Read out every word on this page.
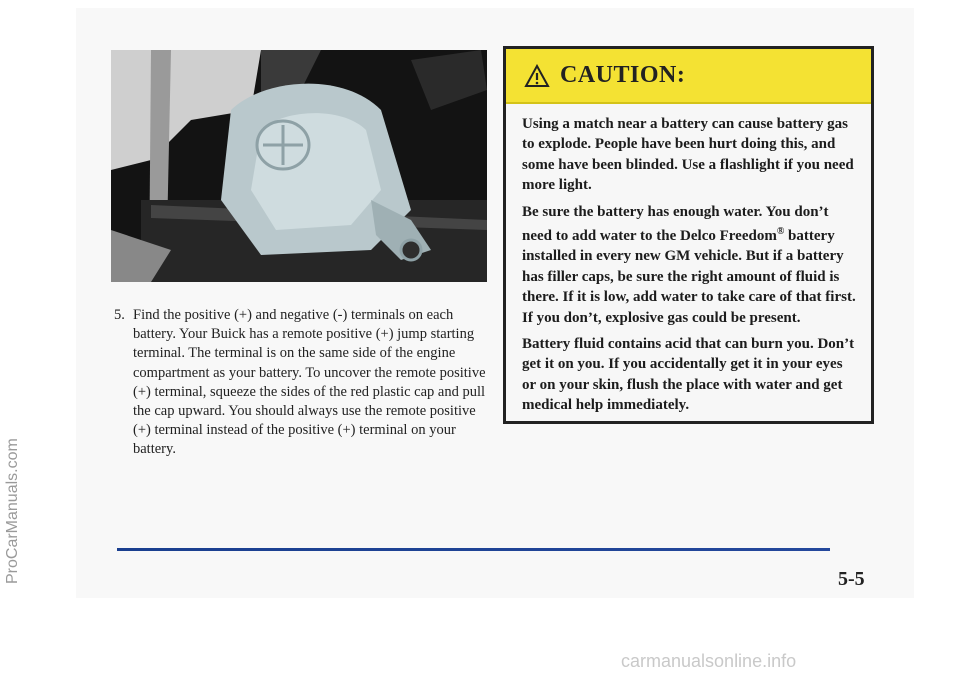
5. Find the positive (+) and negative (-) terminals on each battery. Your Buick has a remote positive (+) jump starting terminal. The terminal is on the same side of the engine compartment as your battery. To uncover the remote positive (+) terminal, squeeze the sides of the red plastic cap and pull the cap upward. You should always use the remote positive (+) terminal instead of the positive (+) terminal on your battery.
CAUTION:

Using a match near a battery can cause battery gas to explode. People have been hurt doing this, and some have been blinded. Use a flashlight if you need more light.

Be sure the battery has enough water. You don’t need to add water to the Delco Freedom® battery installed in every new GM vehicle. But if a battery has filler caps, be sure the right amount of fluid is there. If it is low, add water to take care of that first. If you don’t, explosive gas could be present.

Battery fluid contains acid that can burn you. Don’t get it on you. If you accidentally get it in your eyes or on your skin, flush the place with water and get medical help immediately.

5-5
ProCarManuals.com
carmanualsonline.info
